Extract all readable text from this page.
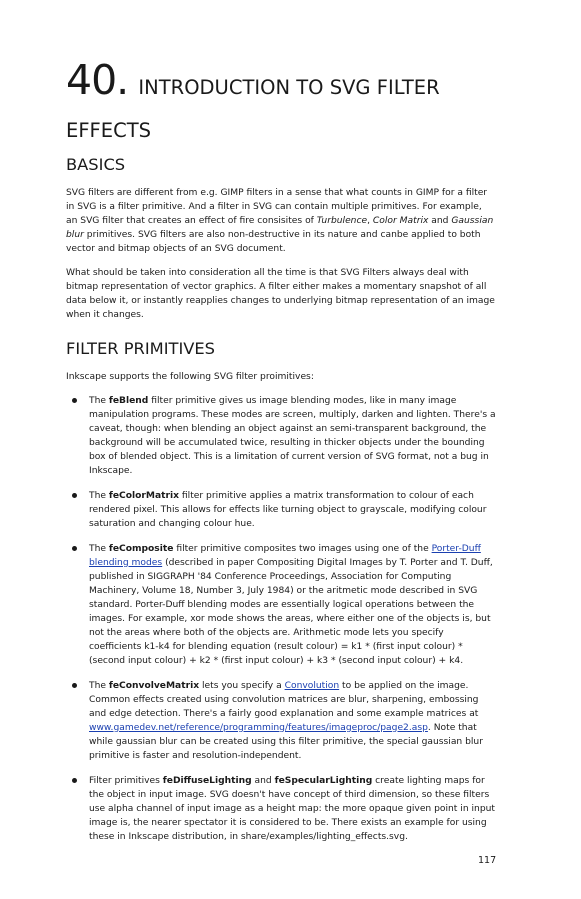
40. INTRODUCTION TO SVG FILTER EFFECTS
BASICS

SVG filters are different from e.g. GIMP filters in a sense that what counts in GIMP for a filter in SVG is a filter primitive. And a filter in SVG can contain multiple primitives. For example, an SVG filter that creates an effect of fire consisites of Turbulence, Color Matrix and Gaussian blur primitives. SVG filters are also non-destructive in its nature and canbe applied to both vector and bitmap objects of an SVG document.

What should be taken into consideration all the time is that SVG Filters always deal with bitmap representation of vector graphics. A filter either makes a momentary snapshot of all data below it, or instantly reapplies changes to underlying bitmap representation of an image when it changes.

FILTER PRIMITIVES

Inkscape supports the following SVG filter proimitives:

The feBlend filter primitive gives us image blending modes, like in many image manipulation programs. These modes are screen, multiply, darken and lighten. There's a caveat, though: when blending an object against an semi-transparent background, the background will be accumulated twice, resulting in thicker objects under the bounding box of blended object. This is a limitation of current version of SVG format, not a bug in Inkscape.
The feColorMatrix filter primitive applies a matrix transformation to colour of each rendered pixel. This allows for effects like turning object to grayscale, modifying colour saturation and changing colour hue.
The feComposite filter primitive composites two images using one of the Porter-Duff blending modes (described in paper Compositing Digital Images by T. Porter and T. Duff, published in SIGGRAPH '84 Conference Proceedings, Association for Computing Machinery, Volume 18, Number 3, July 1984) or the aritmetic mode described in SVG standard. Porter-Duff blending modes are essentially logical operations between the images. For example, xor mode shows the areas, where either one of the objects is, but not the areas where both of the objects are. Arithmetic mode lets you specify coefficients k1-k4 for blending equation (result colour) = k1 * (first input colour) * (second input colour) + k2 * (first input colour) + k3 * (second input colour) + k4.
The feConvolveMatrix lets you specify a Convolution to be applied on the image. Common effects created using convolution matrices are blur, sharpening, embossing and edge detection. There's a fairly good explanation and some example matrices at www.gamedev.net/reference/programming/features/imageproc/page2.asp. Note that while gaussian blur can be created using this filter primitive, the special gaussian blur primitive is faster and resolution-independent.
Filter primitives feDiffuseLighting and feSpecularLighting create lighting maps for the object in input image. SVG doesn't have concept of third dimension, so these filters use alpha channel of input image as a height map: the more opaque given point in input image is, the nearer spectator it is considered to be. There exists an example for using these in Inkscape distribution, in share/examples/lighting_effects.svg.
117
